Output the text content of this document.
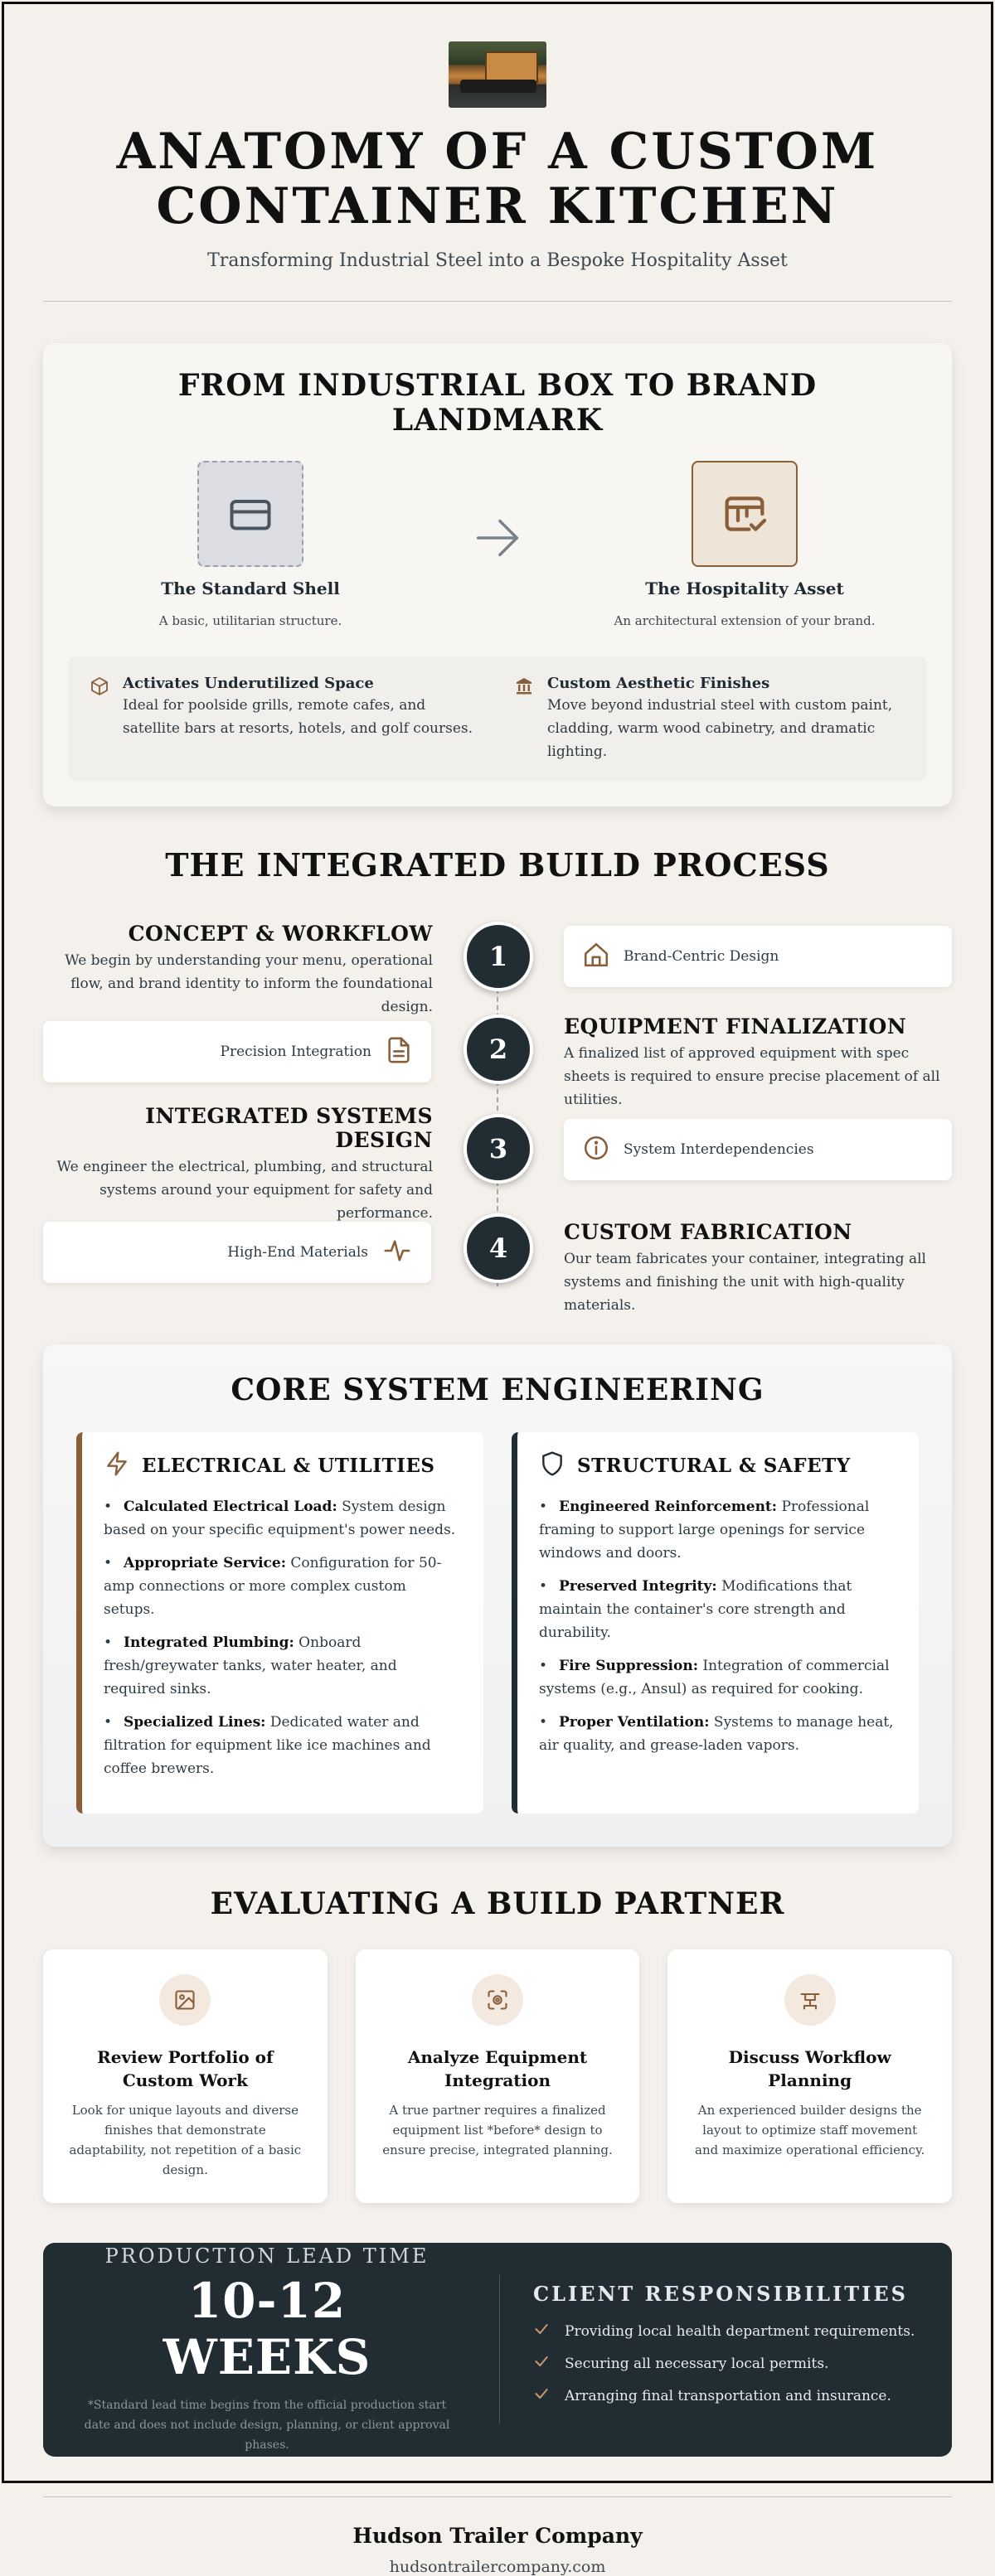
ANATOMY OF A CUSTOM
CONTAINER KITCHEN
Transforming Industrial Steel into a Bespoke Hospitality Asset
FROM INDUSTRIAL BOX TO BRAND LANDMARK
The Standard Shell
A basic, utilitarian structure.
The Hospitality Asset
An architectural extension of your brand.
Activates Underutilized Space

Ideal for poolside grills, remote cafes, and satellite bars at resorts, hotels, and golf courses.

Custom Aesthetic Finishes

Move beyond industrial steel with custom paint, cladding, warm wood cabinetry, and dramatic lighting.

THE INTEGRATED BUILD PROCESS
CONCEPT & WORKFLOW

We begin by understanding your menu, operational flow, and brand identity to inform the foundational design.

1	Brand-Centric Design
Precision Integration	2
EQUIPMENT FINALIZATION

A finalized list of approved equipment with spec sheets is required to ensure precise placement of all utilities.

INTEGRATED SYSTEMS DESIGN

We engineer the electrical, plumbing, and structural systems around your equipment for safety and performance.

3	System Interdependencies
High-End Materials	4
CUSTOM FABRICATION

Our team fabricates your container, integrating all systems and finishing the unit with high-quality materials.

CORE SYSTEM ENGINEERING
ELECTRICAL & UTILITIES
• Calculated Electrical Load: System design based on your specific equipment's power needs.
• Appropriate Service: Configuration for 50-amp connections or more complex custom setups.
• Integrated Plumbing: Onboard fresh/greywater tanks, water heater, and required sinks.
• Specialized Lines: Dedicated water and filtration for equipment like ice machines and coffee brewers.
STRUCTURAL & SAFETY
• Engineered Reinforcement: Professional framing to support large openings for service windows and doors.
• Preserved Integrity: Modifications that maintain the container's core strength and durability.
• Fire Suppression: Integration of commercial systems (e.g., Ansul) as required for cooking.
• Proper Ventilation: Systems to manage heat, air quality, and grease-laden vapors.
EVALUATING A BUILD PARTNER
Review Portfolio of
Custom Work

Look for unique layouts and diverse finishes that demonstrate adaptability, not repetition of a basic design.

Analyze Equipment
Integration

A true partner requires a finalized equipment list *before* design to ensure precise, integrated planning.

Discuss Workflow
Planning

An experienced builder designs the layout to optimize staff movement and maximize operational efficiency.

PRODUCTION LEAD TIME
10-12 WEEKS
*Standard lead time begins from the official production start date and does not include design, planning, or client approval phases.
CLIENT RESPONSIBILITIES
Providing local health department requirements.
Securing all necessary local permits.
Arranging final transportation and insurance.
Hudson Trailer Company
hudsontrailercompany.com
